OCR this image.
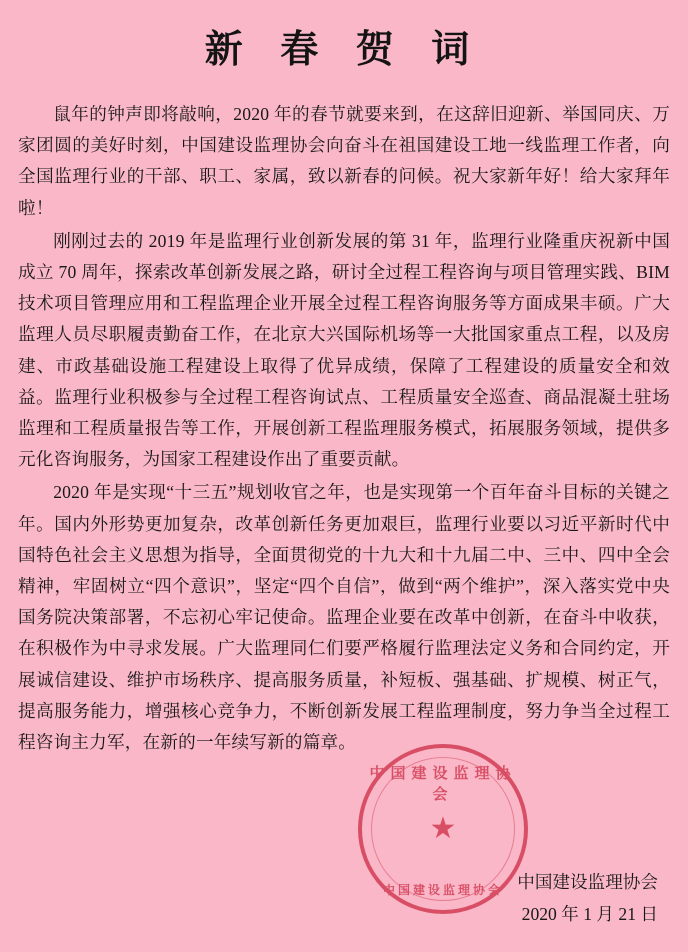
新 春 贺 词

鼠年的钟声即将敲响，2020 年的春节就要来到，在这辞旧迎新、举国同庆、万家团圆的美好时刻，中国建设监理协会向奋斗在祖国建设工地一线监理工作者，向全国监理行业的干部、职工、家属，致以新春的问候。祝大家新年好！给大家拜年啦！

刚刚过去的 2019 年是监理行业创新发展的第 31 年，监理行业隆重庆祝新中国成立 70 周年，探索改革创新发展之路，研讨全过程工程咨询与项目管理实践、BIM 技术项目管理应用和工程监理企业开展全过程工程咨询服务等方面成果丰硕。广大监理人员尽职履责勤奋工作，在北京大兴国际机场等一大批国家重点工程，以及房建、市政基础设施工程建设上取得了优异成绩，保障了工程建设的质量安全和效益。监理行业积极参与全过程工程咨询试点、工程质量安全巡查、商品混凝土驻场监理和工程质量报告等工作，开展创新工程监理服务模式，拓展服务领域，提供多元化咨询服务，为国家工程建设作出了重要贡献。

2020 年是实现“十三五”规划收官之年，也是实现第一个百年奋斗目标的关键之年。国内外形势更加复杂，改革创新任务更加艰巨，监理行业要以习近平新时代中国特色社会主义思想为指导，全面贯彻党的十九大和十九届二中、三中、四中全会精神，牢固树立“四个意识”，坚定“四个自信”，做到“两个维护”，深入落实党中央国务院决策部署，不忘初心牢记使命。监理企业要在改革中创新，在奋斗中收获，在积极作为中寻求发展。广大监理同仁们要严格履行监理法定义务和合同约定，开展诚信建设、维护市场秩序、提高服务质量，补短板、强基础、扩规模、树正气，提高服务能力，增强核心竞争力，不断创新发展工程监理制度，努力争当全过程工程咨询主力军，在新的一年续写新的篇章。

中国建设监理协会
★
中国建设监理协会 中国建设监理协会
2020 年 1 月 21 日
